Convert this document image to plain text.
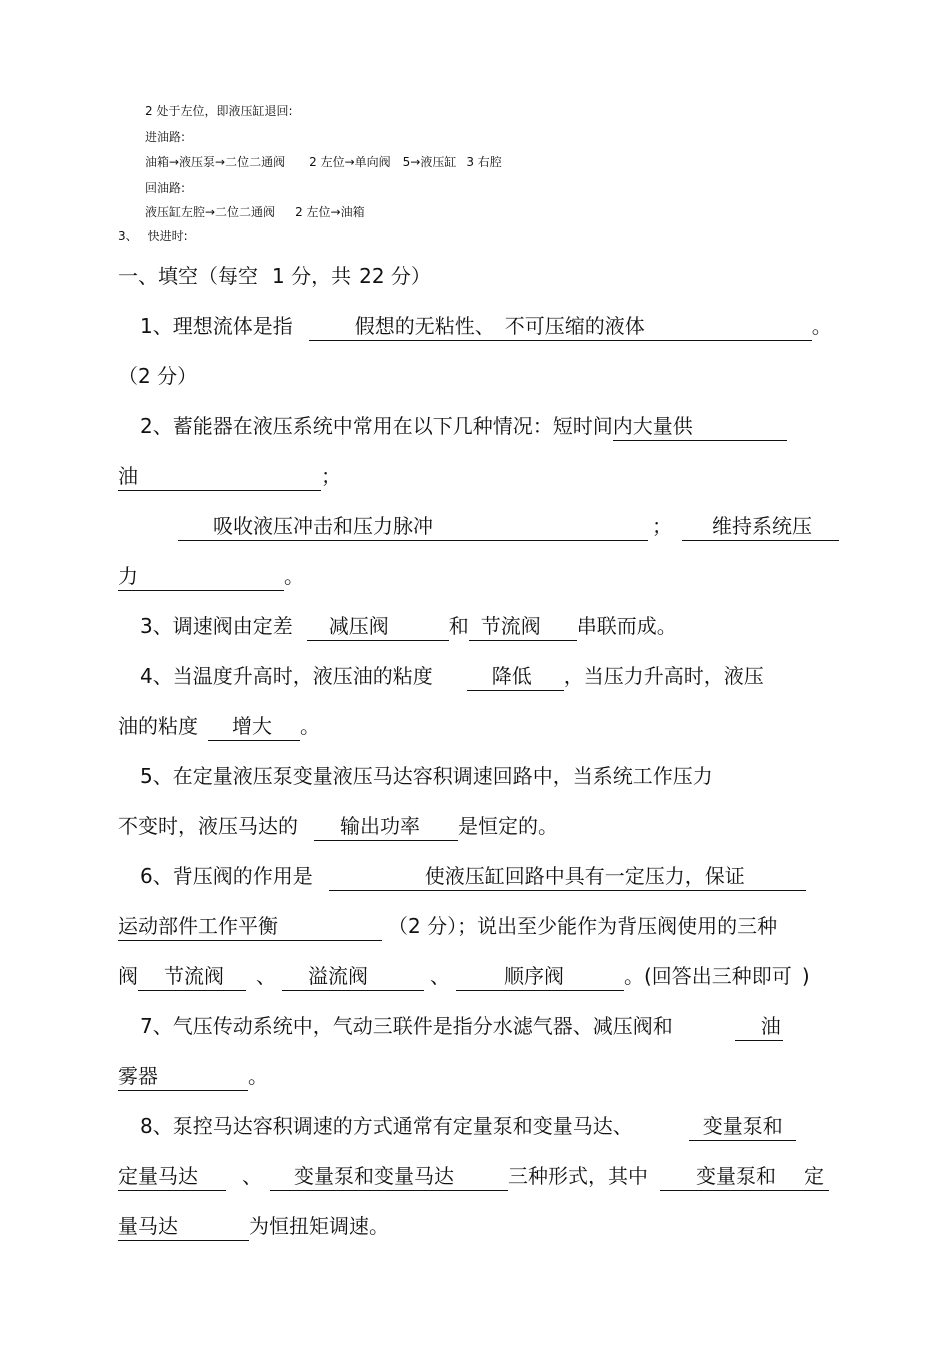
2 处于左位，即液压缸退回:
进油路:
油箱→液压泵→二位二通阀 2 左位→单向阀 5→液压缸 3 右腔
回油路:
液压缸左腔→二位二通阀 2 左位→油箱
3、 快进时:
一、填空（每空 1 分，共 22 分）
1、理想流体是指	假想的无粘性、 不可压缩的液体	。
（2 分）
2、蓄能器在液压系统中常用在以下几种情况：短时间内大量供
油	；
吸收液压冲击和压力脉冲	； 维持系统压
力	。
3、调速阀由定差 减压阀	和 节流阀 串联而成。
4、当温度升高时，液压油的粘度	降低 ，当压力升高时，液压
油的粘度 增大 。
5、在定量液压泵变量液压马达容积调速回路中，当系统工作压力
不变时，液压马达的 输出功率 是恒定的。
6、背压阀的作用是	使液压缸回路中具有一定压力，保证
运动部件工作平衡	（2 分）；说出至少能作为背压阀使用的三种
阀 节流阀 、 溢流阀	、	顺序阀	。(回答出三种即可 )
7、气压传动系统中，气动三联件是指分水滤气器、减压阀和	油
雾器	。
8、泵控马达容积调速的方式通常有定量泵和变量马达、	变量泵和
定量马达 、 变量泵和变量马达	三种形式，其中 变量泵和 定
量马达	为恒扭矩调速。
